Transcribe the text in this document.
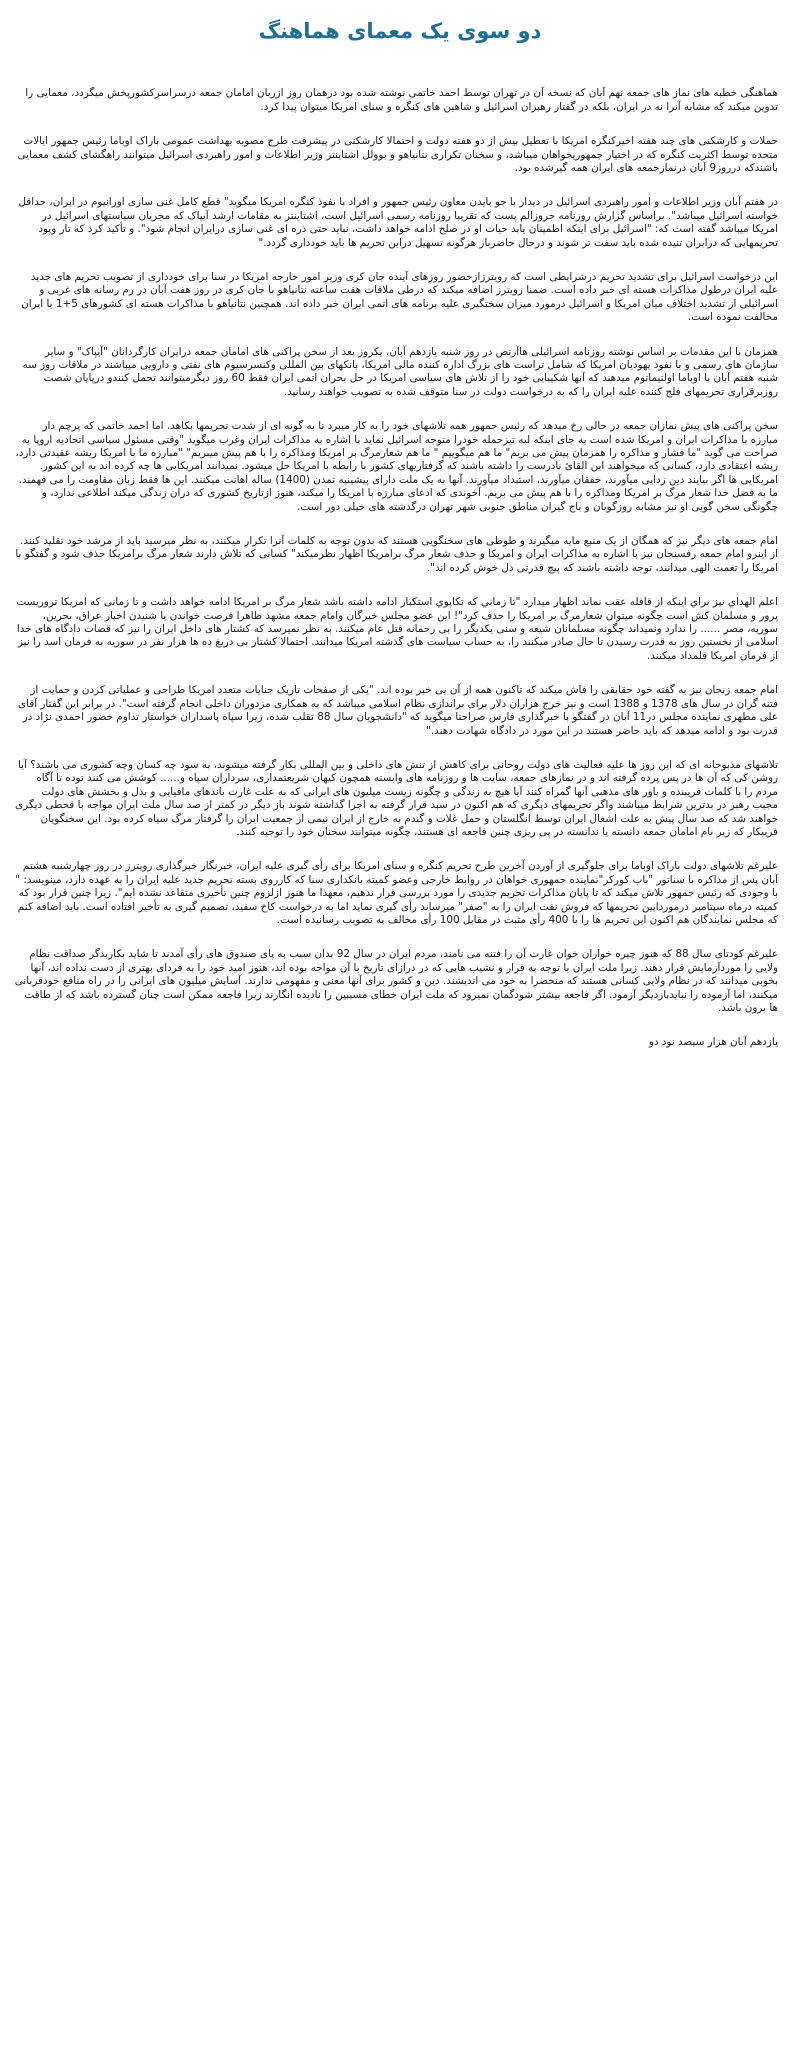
دو سوی یک معمای هماهنگ

هماهنگی خطبه های نماز های جمعه نهم آبان که نسخه آن در تهران توسط احمد خاتمی نوشته شده بود درهمان روز ازربان امامان جمعه درسراسرکشورپخش میگردد، معمایی را تدوین میکند که مشابه آنرا نه در ایران، بلکه در گفتار رهبران اسرائیل و شاهین های کنگره و سنای امریکا میتوان پیدا کرد.

حملات و کارشکنی های چند هفته اخیرکنگره امریکا با تعطیل بیش از دو هفته دولت و احتمالا کارشکنی در پیشرفت طرح مصوبه بهداشت عمومی باراک اوباما رئیس جمهور ایالات متحده توسط اکثریت کنگره که در اختیار جمهوریخواهان میباشد، و سخنان تکراری نتانیاهو و بوولل اشتاینتز وزیر اطلاعات و امور راهبردی اسرائیل میتوانند راهگشای کشف معمایی باشندکه درروز9 آبان درنمازجمعه های ایران همه گیرشده بود.

در هفتم آبان وزیر اطلاعات و امور راهبردی اسرائیل در دیدار با جو بایدن معاون رئیس جمهور و افراد با نفوذ کنگره امریکا میگوید" قطع کامل غنی سازی اورانیوم در ایران، حداقل خواسته اسرائیل میباشد". براساس گزارش روزنامه جروزالم پست که تقریبا روزنامه رسمی اسرائیل است، اشتاینتز به مقامات ارشد آیپاک که مجریان سیاستهای اسرائیل در امریکا میباشد گفته است که: "اسرائیل برای اینکه اطمینان یابد حیات او در صلح ادامه خواهد داشت، نباید حتی ذره ای غنی سازی درایران انجام شود". و تأکید کرد که تار وپود تحریمهایی که درایران تنیده شده باید سفت تر شوند و درحال حاضرباز هرگونه تسهیل دراین تحریم ها باید خودداری گردد."

این درخواست اسرائیل برای تشدید تحریم درشرایطی است که رویترزازحضور روزهای آینده جان کری وزیر امور خارجه امریکا در سنا برای خودداری از تصویب تحریم های جدید علیه ایران درطول مذاکرات هسته ای خبر داده است. ضمنا رویترز اضافه میکند که درطی ملاقات هفت ساعته نتانیاهو با جان کری در روز هفت آبان در رم رسانه های غربی و اسرائیلی از تشدید اختلاف میان امریکا و اسرائیل درمورد میزان سختگیری علیه برنامه های اتمی ایران خبر داده اند. همچنین نتانیاهو با مذاکرات هسته ای کشورهای 5+1 با ایران مخالفت نموده است.

همزمان با این مقدمات بر اساس نوشته روزنامه اسرائیلی هاآرتص در روز شنبه یازدهم آبان، یکروز بعد از سخن پراکنی های امامان جمعه درایران کارگردانان "آیپاک" و سایر سازمان های رسمی و با نفوذ یهودیان امریکا که شامل تراست های بزرگ اداره کننده مالی امریکا، بانکهای بین المللی وکنسرسیوم های نفتی و دارویی میباشند در ملاقات روز سه شنبه هفتم آبان با اوباما اولتیماتوم میدهند که آنها شکیبایی خود را از تلاش های سیاسی امریکا در حل بحران اتمی ایران فقط 60 روز دیگرمیتوانند تحمل کنندو درپایان شصت روزبرقراری تحریمهای فلج کننده علیه ایران را که به درخواست دولت در سنا متوقف شده به تصویب خواهند رسانید.

سخن پراکنی های پیش نمازان جمعه در حالی رخ میدهد که رئیس جمهور همه تلاشهای خود را به کار میبرد تا به گونه ای از شدت تحریمها بکاهد. اما احمد خاتمی که پرچم دار مبارزه با مذاکرات ایران و امریکا شده است به جای اینکه لبه تیزحمله خودرا متوجه اسرائیل نماید با اشاره به مذاکرات ایران وغرب میگوید "وقتی مسئول سیاسی اتحادیه اروپا به صراحت می گوید "ما فشار و مذاکره را همزمان پیش می بریم" ما هم میگوییم " ما هم شعارمرگ بر امریکا ومذاکره را با هم پیش میبریم" "مبارزه ما با امریکا ریشه عقیدتی دارد، ریشه اعتقادی دارد، کسانی که میخواهند این القائ نادرست را داشته باشند که گرفتاریهای کشور با رابطه با امریکا حل میشود. نمیدانند امریکایی ها چه کرده اند به این کشور. امریکایی ها اگر بیایند دین زدایی میآورند، خفقان میآورند، استبداد میآورند. آنها به یک ملت دارای پیشینیه تمدن (1400) ساله اهانت میکنند. این ها فقط زبان مقاومت را می فهمند. ما به فضل خدا شعار مرگ بر امریکا ومذاکره را با هم پیش می بریم. آخوندی که ادعای مبارزه با امریکا را میکند، هنوز ازتاریخ کشوری که دران زندگی میکند اطلاعی ندارد، و چگونگی سخن گویی او نیز مشابه روزگوبان و باج گیران مناطق جنوبی شهر تهران درگذشته های خیلی دور است.

امام جمعه های دیگر نیز که همگان از یک منبع مایه میگیرند و طوطی های سخنگویی هستند که بدون توجه به کلمات آنرا تکرار میکنند، به نظر میرسید باید از مرشد خود تقلید کنند. از اینرو امام جمعه رفسنجان نیز با اشاره به مذاکرات ایران و امریکا و حذف شعار مرگ برامریکا اظهار نظرمیکند" کسانی که تلاش دارند شعار مرگ برامریکا حذف شود و گفتگو با امریکا را تعمت الهی میدانند، توجه داشته باشند که پیچ قدرتی دل خوش کرده اند".

اعلم الهداي نيز براي اينكه از قافله عقب نماند اظهار ميدارد "تا زماني كه تكاپوي استكبار ادامه داشته باشد شعار مرگ بر امريكا ادامه خواهد داشت و تا زمانی که امریکا تروریست پرور و مسلمان کش است چگونه میتوان شعارمرگ بر امریکا را حذف کرد"! این عضو مجلس خبرگان وامام جمعه مشهد ظاهرا فرصت خواندن یا شنیدن اخبار عراق، بحرین، سوریه، مصر ...... را ندارد ونمیداند چگونه مسلمانان شیعه و سنی یکدیگر را بی رحمانه قتل عام میکنند. به نظر نمیرسد که کشتار های داخل ایران را نیز که قضات دادگاه های خدا اسلامی از نخستین روز به قدرت رسیدن تا حال صادر میکنند را، به حساب سیاست های گذشته امریکا میدانند. احتمالا کشتار بی دریغ ده ها هزار نفر در سوریه به فرمان اسد را نیز از فرمان امریکا قلمداد میکنند.

امام جمعه زنجان نیز به گفته خود حقایقی را فاش میکند که تاکنون همه از آن بی خبر بوده اند. "یکی از صفحات تاریک جنایات متعدد امریکا طراحی و عملیاتی کردن و حمایت از فتنه گران در سال های 1378 و 1388 است و نیز خرج هزاران دلار برای براندازی نظام اسلامی میباشد که به همکاری مزدوران داخلی انجام گرفته است". در برابر این گفتار آقای علی مطهری نماینده مجلس در11 آبان در گفتگو با خبرگذاری فارس صراحتا میگوید که "دانشجویان سال 88 تقلب شده، زیرا سپاه پاسداران خواستار تداوم حضور احمدی نژاد در قدرت بود و ادامه میدهد که باید حاضر هستند در این مورد در دادگاه شهادت دهند."

تلاشهای مذبوحانه ای که این روز ها علیه فعالیت های دولت روحانی برای کاهش از تنش های داخلی و بین المللی بکار گرفته میشوند، به سود چه کسان وچه کشوری می باشند؟ آیا روشن کی که آن ها در پس پرده گرفته اند و در نمازهای جمعه، سایت ها و روزنامه های وابسته همچون کیهان شریعتمداری، سرداران سپاه و...... کوشش می کنند توده تا آگاه مردم را با کلمات فریبنده و باور های مذهبی آنها گمراه کنند آیا هیچ به زندگی و چگونه زیست میلیون های ایرانی که به علت غارت باندهای مافیایی و بذل و بخشش های دولت مجیب رهبر در بدترین شرایط میباشند واگر تحریمهای دیگری که هم اکنون در سبد قرار گرفته به اجرا گذاشته شوند باز دیگر در کمتر از صد سال ملت ایران مواجه با قحطی دیگری خواهند شد که صد سال پیش به علت اشغال ایران توسط انگلستان و حمل غلات و گندم به خارج از ایران نیمی از جمعیت ایران را گرفتار مرگ سیاه کرده بود. این سخنگویان فریبکار که زیر نام امامان جمعه دانسته یا ندانسته در پی ریزی چنین فاجعه ای هستند، چگونه میتوانند سخنان خود را توجیه کنند.

علیرغم تلاشهای دولت باراک اوباما برای جلوگیری از آوردن آخرین طرح تحریم کنگره و سنای امریکا برای رأی گیری علیه ایران، خبرنگار خبرگذاری رویترز در روز چهارشنبه هشتم آبان پس از مذاکره با سناتور "باب کورکر"نماینده جمهوری خواهان در روابط خارجی وعضو کمیته بانکداری سنا که کارروی بسته تحریم جدید علیه ایران را به عهده دارد، مینویسد: " با وجودی که رئیس جمهور تلاش میکند که تا پایان مذاکرات تحریم جدیدی را مورد بررسی قرار ندهیم، معهذا ما هنوز ازلزوم چنین تأخیری متقاعد نشده ایم". زیرا چنین قرار بود که کمیته درماه سپتامبر درموردایین تحریمها که فروش نفت ایران را به "صفر" میرساند رأی گیری نماید اما به درخواست کاخ سفید، تصمیم گیری به تأخیر افتاده است. باید اضافه کنم که مجلس نمایندگان هم اکنون این تحریم ها را با 400 رأی مثبت در مقابل 100 رأی مخالف به تصویب رسانیده است.

علیرغم کودتای سال 88 که هنوز چیره خواران خوان غارت آن را فتنه می نامند، مردم ایران در سال 92 بدان سبب به پای صندوق های رأی آمدند تا شاید بکاربدگر صداقت نظام ولایی را موردآزمایش قرار دهند. زیرا ملت ایران با توجه به فرار و نشیب هایی که در درازای تاریخ با آن مواجه بوده اند، هنوز امید خود را به فردای بهتری از دست نداده اند، آنها بخوبی میدانند که در نظام ولایی کسانی هستند که منحصرا به خود می اندیشند. دین و کشور برای آنها معنی و مفهومی ندارند. آسایش میلیون های ایرانی را در راه منافع خودقربانی میکنند، اما آزموده را نبایدبازدیگر آزمود. اگر فاجعه بیشتر شودگمان نمیرود که ملت ایران خطای مسببین را نادیده انگارند زیرا فاجعه ممکن است چنان گسترده باشد که از طاقت ها برون باشد.

یازدهم آبان هزار سیصد نود دو
